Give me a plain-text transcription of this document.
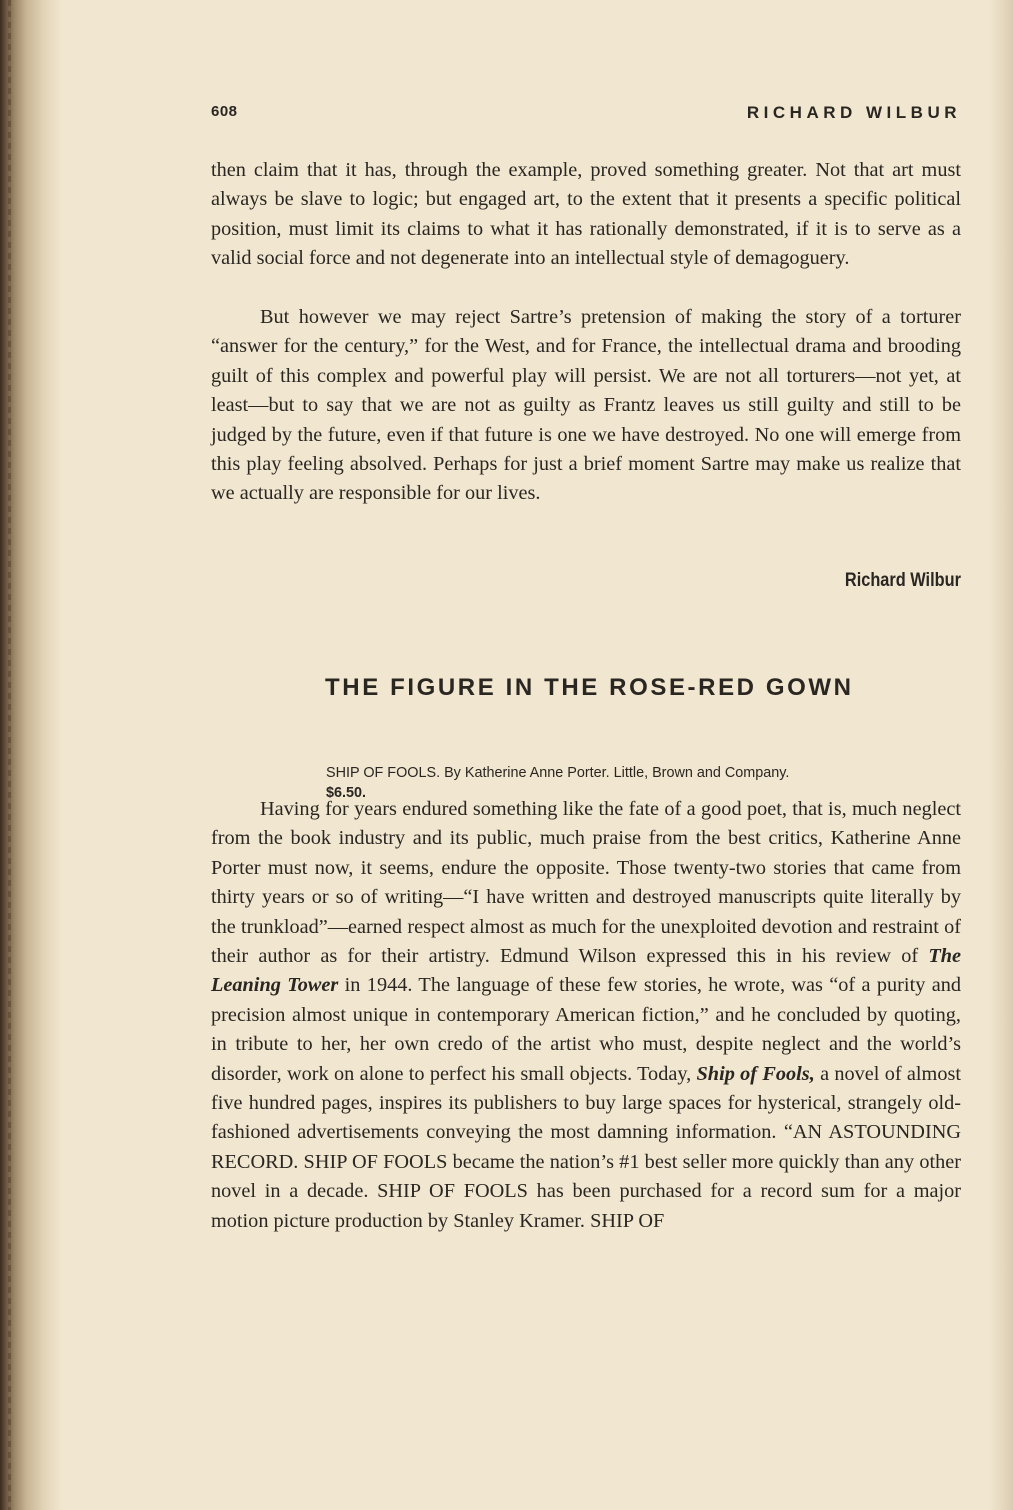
608	RICHARD WILBUR

then claim that it has, through the example, proved something greater. Not that art must always be slave to logic; but engaged art, to the extent that it presents a specific political position, must limit its claims to what it has rationally demonstrated, if it is to serve as a valid social force and not degenerate into an intellectual style of demagoguery.

But however we may reject Sartre’s pretension of making the story of a torturer “answer for the century,” for the West, and for France, the intellectual drama and brooding guilt of this complex and powerful play will persist. We are not all torturers—not yet, at least—but to say that we are not as guilty as Frantz leaves us still guilty and still to be judged by the future, even if that future is one we have destroyed. No one will emerge from this play feeling absolved. Perhaps for just a brief moment Sartre may make us realize that we actually are responsible for our lives.

Richard Wilbur
THE FIGURE IN THE ROSE-RED GOWN

SHIP OF FOOLS. By Katherine Anne Porter. Little, Brown and Company.
$6.50.

Having for years endured something like the fate of a good poet, that is, much neglect from the book industry and its public, much praise from the best critics, Katherine Anne Porter must now, it seems, endure the opposite. Those twenty-two stories that came from thirty years or so of writing—“I have written and destroyed manuscripts quite literally by the trunkload”—earned respect almost as much for the unexploited devotion and restraint of their author as for their artistry. Edmund Wilson expressed this in his review of The Leaning Tower in 1944. The language of these few stories, he wrote, was “of a purity and precision almost unique in contemporary American fiction,” and he concluded by quoting, in tribute to her, her own credo of the artist who must, despite neglect and the world’s disorder, work on alone to perfect his small objects. Today, Ship of Fools, a novel of almost five hundred pages, inspires its publishers to buy large spaces for hysterical, strangely old-fashioned advertisements conveying the most damning information. “AN ASTOUNDING RECORD. SHIP OF FOOLS became the nation’s #1 best seller more quickly than any other novel in a decade. SHIP OF FOOLS has been purchased for a record sum for a major motion picture production by Stanley Kramer. SHIP OF
